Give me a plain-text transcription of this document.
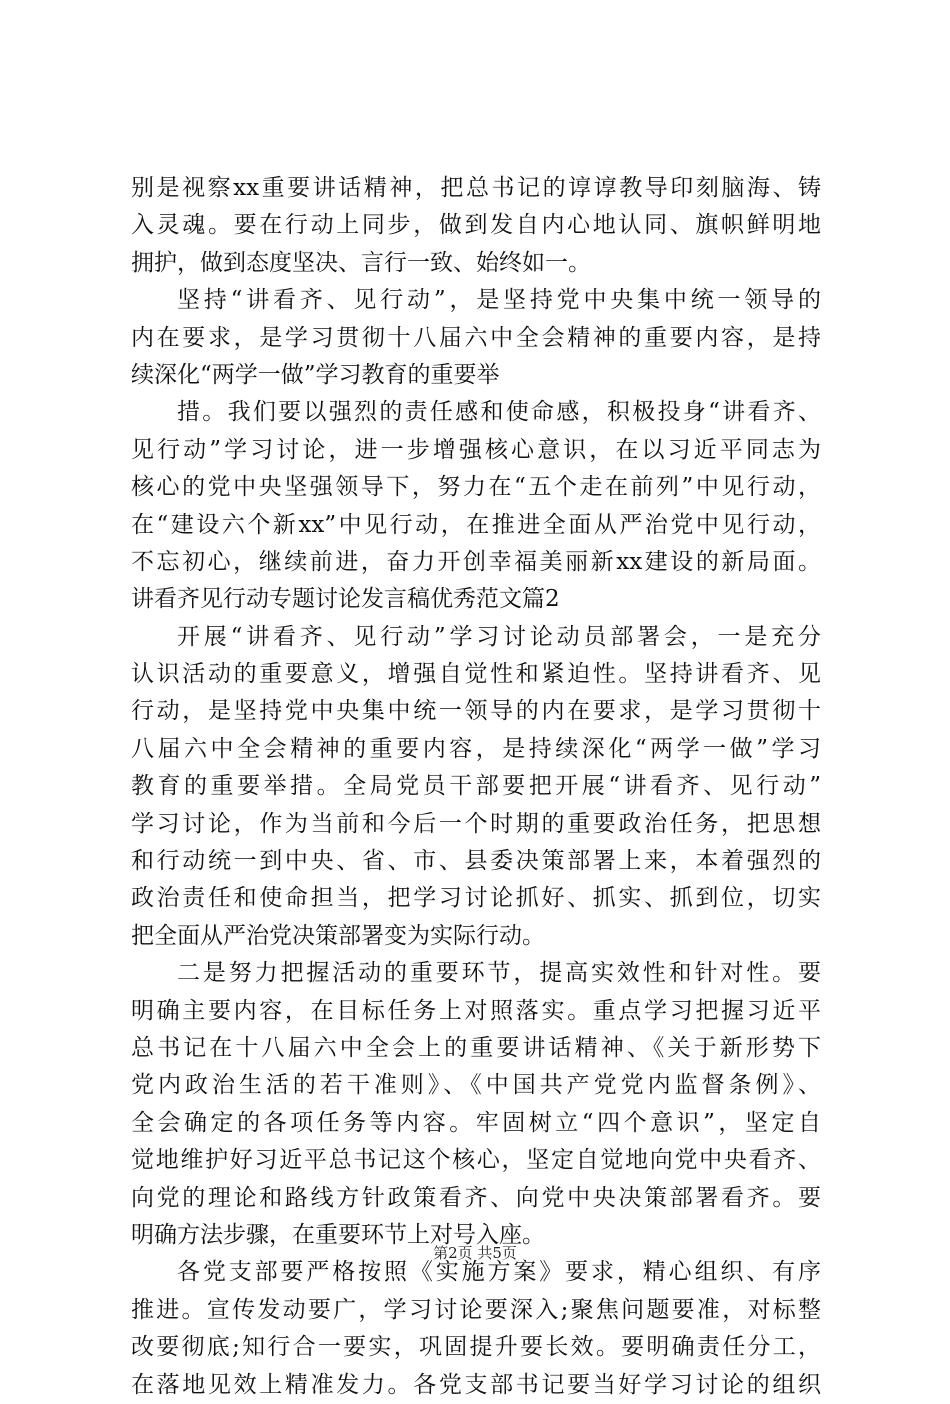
别是视察xx重要讲话精神，把总书记的谆谆教导印刻脑海、铸
入灵魂。要在行动上同步，做到发自内心地认同、旗帜鲜明地
拥护，做到态度坚决、言行一致、始终如一。
坚持“讲看齐、见行动”，是坚持党中央集中统一领导的
内在要求，是学习贯彻十八届六中全会精神的重要内容，是持
续深化“两学一做”学习教育的重要举
措。我们要以强烈的责任感和使命感，积极投身“讲看齐、
见行动”学习讨论，进一步增强核心意识，在以习近平同志为
核心的党中央坚强领导下，努力在“五个走在前列”中见行动，
在“建设六个新xx”中见行动，在推进全面从严治党中见行动，
不忘初心，继续前进，奋力开创幸福美丽新xx建设的新局面。
讲看齐见行动专题讨论发言稿优秀范文篇2
开展“讲看齐、见行动”学习讨论动员部署会，一是充分
认识活动的重要意义，增强自觉性和紧迫性。坚持讲看齐、见
行动，是坚持党中央集中统一领导的内在要求，是学习贯彻十
八届六中全会精神的重要内容，是持续深化“两学一做”学习
教育的重要举措。全局党员干部要把开展“讲看齐、见行动”
学习讨论，作为当前和今后一个时期的重要政治任务，把思想
和行动统一到中央、省、市、县委决策部署上来，本着强烈的
政治责任和使命担当，把学习讨论抓好、抓实、抓到位，切实
把全面从严治党决策部署变为实际行动。
二是努力把握活动的重要环节，提高实效性和针对性。要
明确主要内容，在目标任务上对照落实。重点学习把握习近平
总书记在十八届六中全会上的重要讲话精神、《关于新形势下
党内政治生活的若干准则》、《中国共产党党内监督条例》、
全会确定的各项任务等内容。牢固树立“四个意识”，坚定自
觉地维护好习近平总书记这个核心，坚定自觉地向党中央看齐、
向党的理论和路线方针政策看齐、向党中央决策部署看齐。要
明确方法步骤，在重要环节上对号入座。
各党支部要严格按照《实施方案》要求，精心组织、有序
推进。宣传发动要广，学习讨论要深入;聚焦问题要准，对标整
改要彻底;知行合一要实，巩固提升要长效。要明确责任分工，
在落地见效上精准发力。各党支部书记要当好学习讨论的组织
第2页 共5页
